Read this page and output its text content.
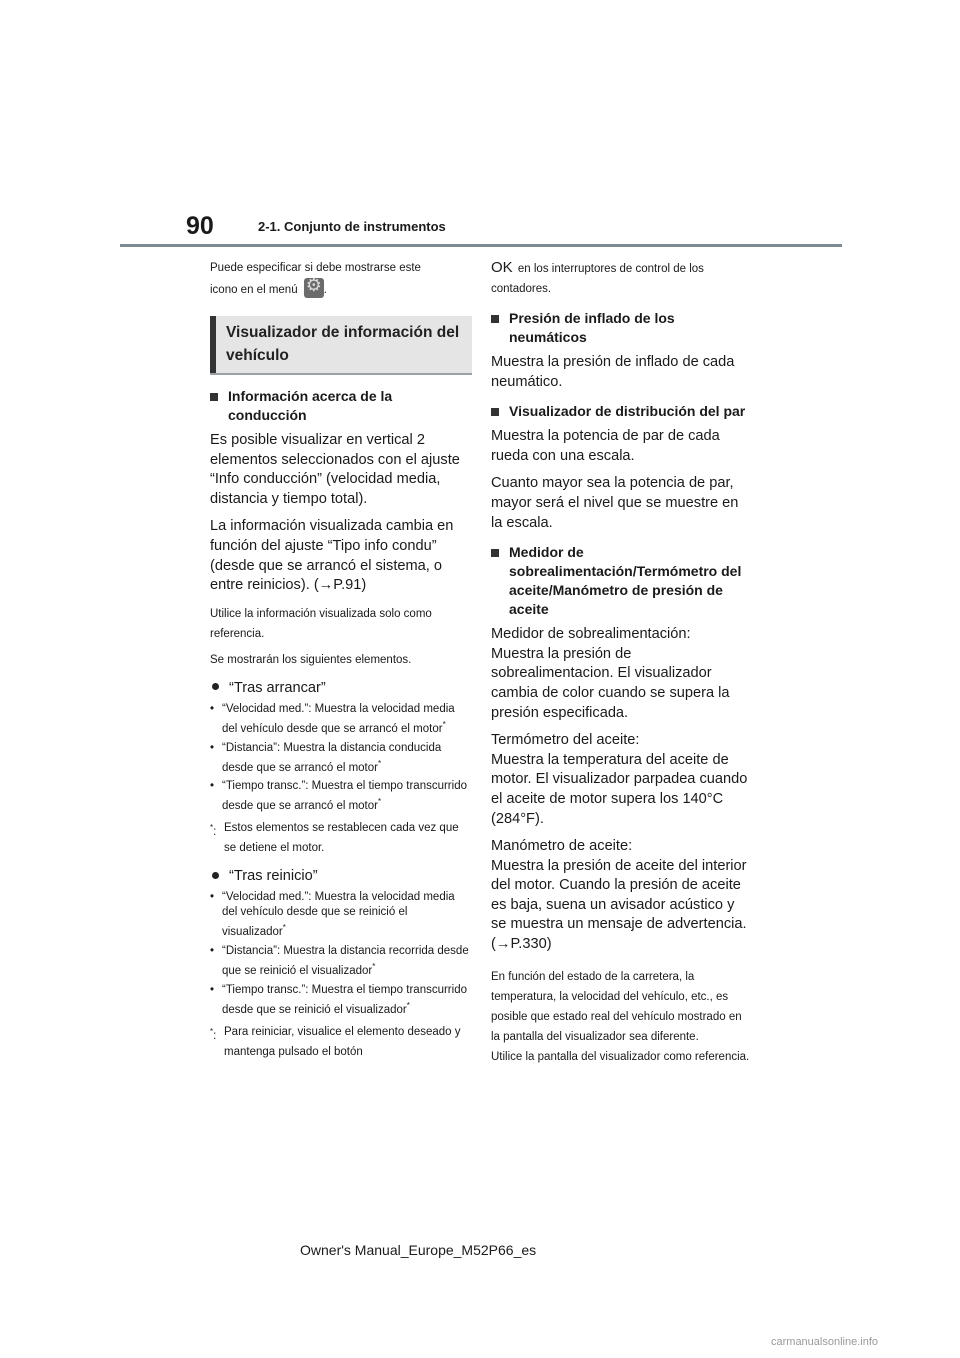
90	2-1. Conjunto de instrumentos

Puede especificar si debe mostrarse este
icono en el menú ⚙ .

Visualizador de información del vehículo
Información acerca de la conducción

Es posible visualizar en vertical 2 elementos seleccionados con el ajuste “Info conducción” (velocidad media, distancia y tiempo total).

La información visualizada cambia en función del ajuste “Tipo info condu” (desde que se arrancó el sistema, o entre reinicios). (→P.91)

Utilice la información visualizada solo como referencia.

Se mostrarán los siguientes elementos.

“Tras arrancar”
• “Velocidad med.”: Muestra la velocidad media del vehículo desde que se arrancó el motor*
• “Distancia”: Muestra la distancia conducida desde que se arrancó el motor*
• “Tiempo transc.”: Muestra el tiempo transcurrido desde que se arrancó el motor*
*: Estos elementos se restablecen cada vez que se detiene el motor.
“Tras reinicio”
• “Velocidad med.”: Muestra la velocidad media del vehículo desde que se reinició el visualizador*
• “Distancia”: Muestra la distancia recorrida desde que se reinició el visualizador*
• “Tiempo transc.”: Muestra el tiempo transcurrido desde que se reinició el visualizador*
*: Para reiniciar, visualice el elemento deseado y mantenga pulsado el botón

OK en los interruptores de control de los contadores.

Presión de inflado de los neumáticos

Muestra la presión de inflado de cada neumático.

Visualizador de distribución del par

Muestra la potencia de par de cada rueda con una escala.

Cuanto mayor sea la potencia de par, mayor será el nivel que se muestre en la escala.

Medidor de sobrealimentación/Termómetro del aceite/Manómetro de presión de aceite

Medidor de sobrealimentación:
Muestra la presión de sobrealimentacion. El visualizador cambia de color cuando se supera la presión especificada.

Termómetro del aceite:
Muestra la temperatura del aceite de motor. El visualizador parpadea cuando el aceite de motor supera los 140°C (284°F).

Manómetro de aceite:
Muestra la presión de aceite del interior del motor. Cuando la presión de aceite es baja, suena un avisador acústico y se muestra un mensaje de advertencia. (→P.330)

En función del estado de la carretera, la temperatura, la velocidad del vehículo, etc., es posible que estado real del vehículo mostrado en la pantalla del visualizador sea diferente.

Utilice la pantalla del visualizador como referencia.

Owner's Manual_Europe_M52P66_es
carmanualsonline.info
